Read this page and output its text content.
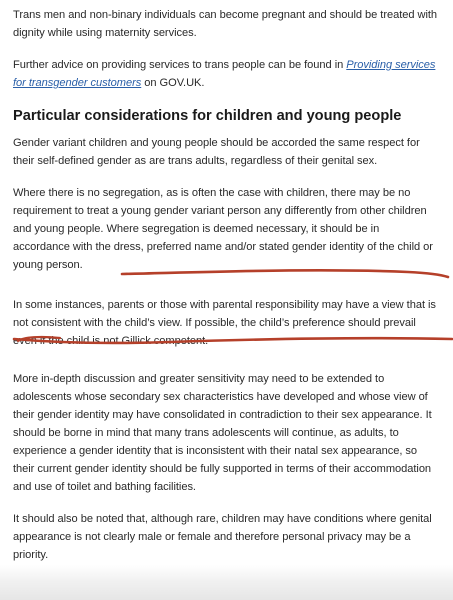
Trans men and non-binary individuals can become pregnant and should be treated with dignity while using maternity services.

Further advice on providing services to trans people can be found in Providing services for transgender customers on GOV.UK.

Particular considerations for children and young people

Gender variant children and young people should be accorded the same respect for their self-defined gender as are trans adults, regardless of their genital sex.

Where there is no segregation, as is often the case with children, there may be no requirement to treat a young gender variant person any differently from other children and young people. Where segregation is deemed necessary, it should be in accordance with the dress, preferred name and/or stated gender identity of the child or young person.

In some instances, parents or those with parental responsibility may have a view that is not consistent with the child’s view. If possible, the child’s preference should prevail even if the child is not Gillick competent.

More in-depth discussion and greater sensitivity may need to be extended to adolescents whose secondary sex characteristics have developed and whose view of their gender identity may have consolidated in contradiction to their sex appearance. It should be borne in mind that many trans adolescents will continue, as adults, to experience a gender identity that is inconsistent with their natal sex appearance, so their current gender identity should be fully supported in terms of their accommodation and use of toilet and bathing facilities.

It should also be noted that, although rare, children may have conditions where genital appearance is not clearly male or female and therefore personal privacy may be a priority.
